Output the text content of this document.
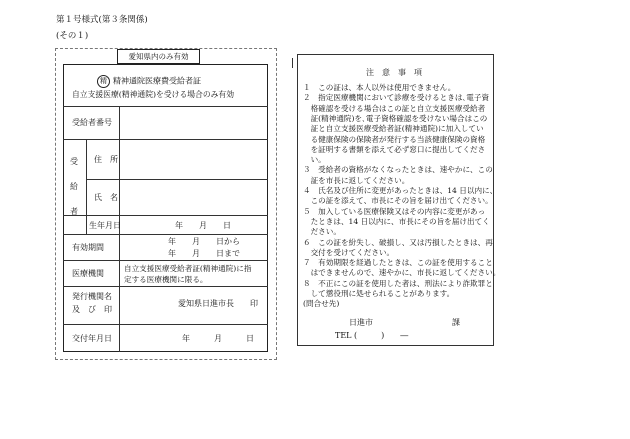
第１号様式(第３条関係)
(その１)
愛知県内のみ有効
精 精神通院医療費受給者証
自立支援医療(精神通院)を受ける場合のみ有効
受給者番号
受
給
者
住　所
氏　名
生年月日	年　　月　　日
有効期間
年　　月　　日から
年　　月　　日まで
医療機関
自立支援医療受給者証(精神通院)に指
定する医療機関に限る。
発行機関名
及　び　印
愛知県日進市長　　印
交付年月日	年　　　月　　　日
注　意　事　項
１　この証は、本人以外は使用できません。
２　指定医療機関において診療を受けるときは､電子資
　格確認を受ける場合はこの証と自立支援医療受給者
　証(精神通院)を､電子資格確認を受けない場合はこの
　証と自立支援医療受給者証(精神通院)に加入してい
　る健康保険の保険者が発行する当該健康保険の資格
　を証明する書類を添えて必ず窓口に提出してくださ
　い。
３　受給者の資格がなくなったときは、速やかに、この
　証を市長に返してください。
４　氏名及び住所に変更があったときは、14 日以内に、
　この証を添えて、市長にその旨を届け出てください。
５　加入している医療保険又はその内容に変更があっ
　たときは、14 日以内に、市長にその旨を届け出てく
　ださい。
６　この証を紛失し、破損し、又は汚損したときは、再
　交付を受けてください。
７　有効期限を経過したときは、この証を使用すること
　はできませんので、速やかに、市長に返してください。
８　不正にこの証を使用した者は、刑法により詐欺罪と
　して懲役刑に処せられることがあります。
(問合せ先)
日進市	課
TEL (　　　)　　―
